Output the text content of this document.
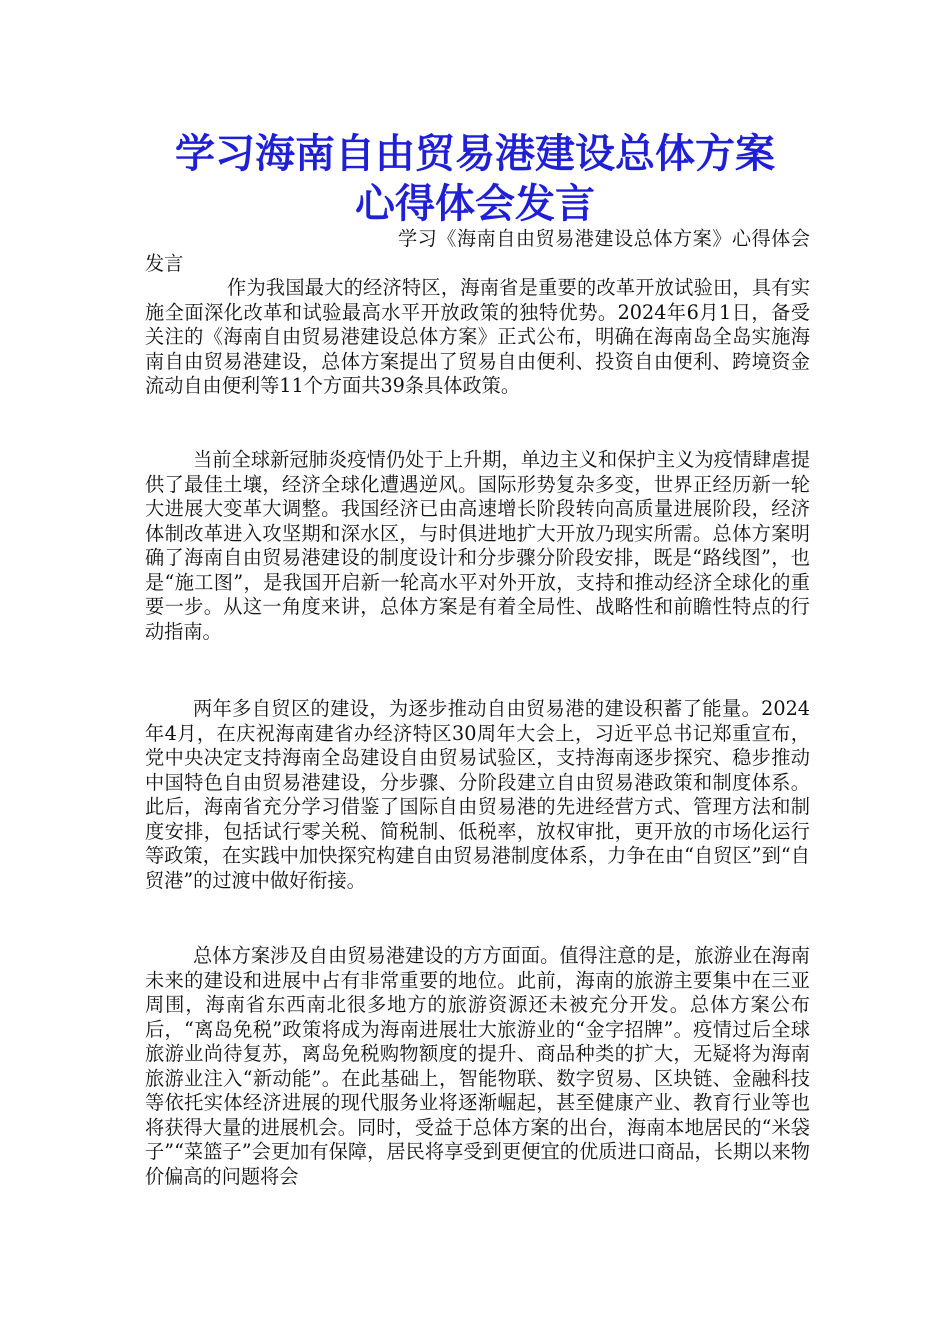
学习海南自由贸易港建设总体方案
心得体会发言

学习《海南自由贸易港建设总体方案》心得体会发言

作为我国最大的经济特区，海南省是重要的改革开放试验田，具有实施全面深化改革和试验最高水平开放政策的独特优势。2024年6月1日，备受关注的《海南自由贸易港建设总体方案》正式公布，明确在海南岛全岛实施海南自由贸易港建设，总体方案提出了贸易自由便利、投资自由便利、跨境资金流动自由便利等11个方面共39条具体政策。

当前全球新冠肺炎疫情仍处于上升期，单边主义和保护主义为疫情肆虐提供了最佳土壤，经济全球化遭遇逆风。国际形势复杂多变，世界正经历新一轮大进展大变革大调整。我国经济已由高速增长阶段转向高质量进展阶段，经济体制改革进入攻坚期和深水区，与时俱进地扩大开放乃现实所需。总体方案明确了海南自由贸易港建设的制度设计和分步骤分阶段安排，既是“路线图”，也是“施工图”，是我国开启新一轮高水平对外开放，支持和推动经济全球化的重要一步。从这一角度来讲，总体方案是有着全局性、战略性和前瞻性特点的行动指南。

两年多自贸区的建设，为逐步推动自由贸易港的建设积蓄了能量。2024年4月，在庆祝海南建省办经济特区30周年大会上，习近平总书记郑重宣布，党中央决定支持海南全岛建设自由贸易试验区，支持海南逐步探究、稳步推动中国特色自由贸易港建设，分步骤、分阶段建立自由贸易港政策和制度体系。此后，海南省充分学习借鉴了国际自由贸易港的先进经营方式、管理方法和制度安排，包括试行零关税、简税制、低税率，放权审批，更开放的市场化运行等政策，在实践中加快探究构建自由贸易港制度体系，力争在由“自贸区”到“自贸港”的过渡中做好衔接。

总体方案涉及自由贸易港建设的方方面面。值得注意的是，旅游业在海南未来的建设和进展中占有非常重要的地位。此前，海南的旅游主要集中在三亚周围，海南省东西南北很多地方的旅游资源还未被充分开发。总体方案公布后，“离岛免税”政策将成为海南进展壮大旅游业的“金字招牌”。疫情过后全球旅游业尚待复苏，离岛免税购物额度的提升、商品种类的扩大，无疑将为海南旅游业注入“新动能”。在此基础上，智能物联、数字贸易、区块链、金融科技等依托实体经济进展的现代服务业将逐渐崛起，甚至健康产业、教育行业等也将获得大量的进展机会。同时，受益于总体方案的出台，海南本地居民的“米袋子”“菜篮子”会更加有保障，居民将享受到更便宜的优质进口商品，长期以来物价偏高的问题将会
